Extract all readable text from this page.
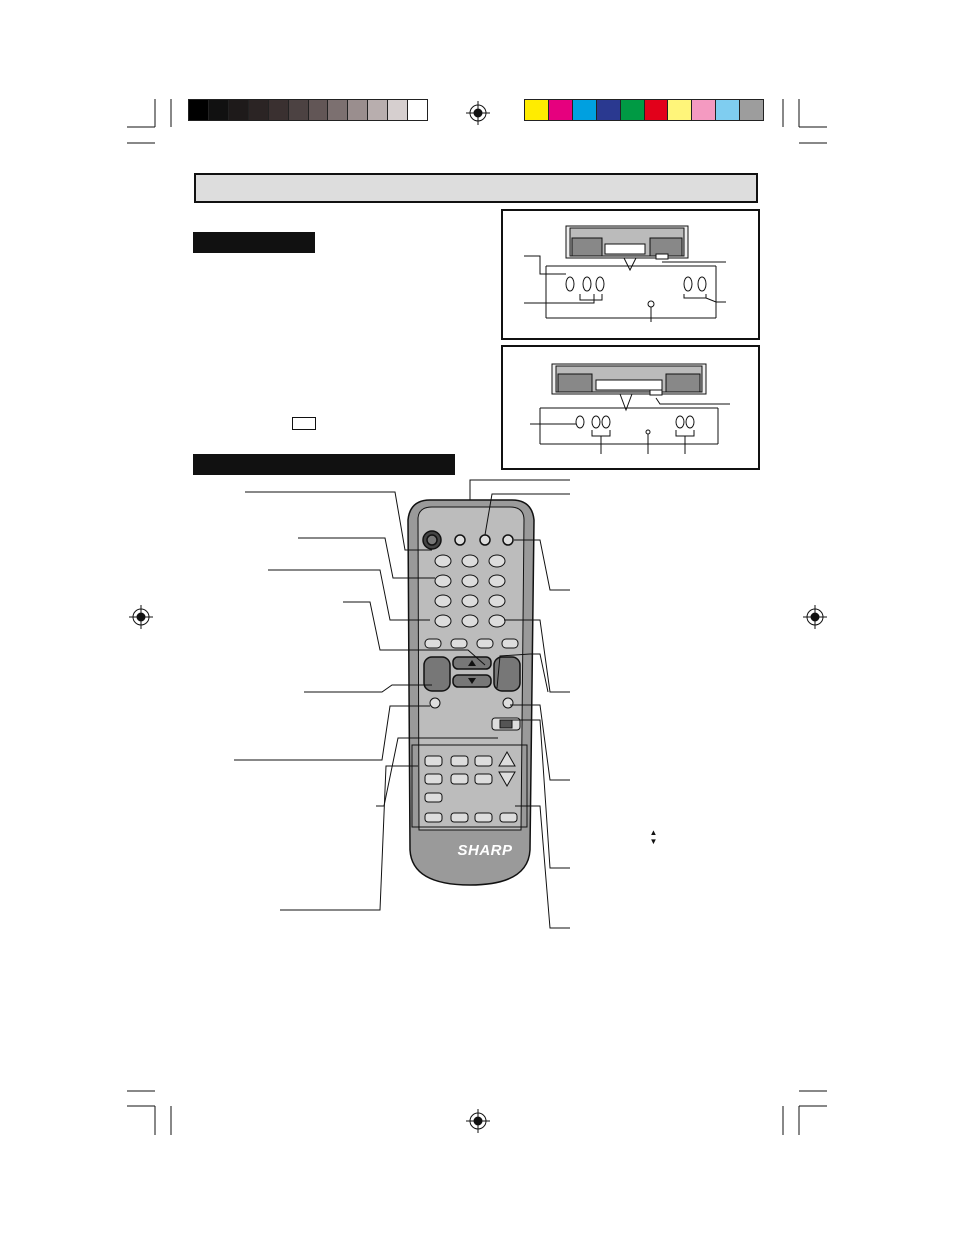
SHARP
▲▼
